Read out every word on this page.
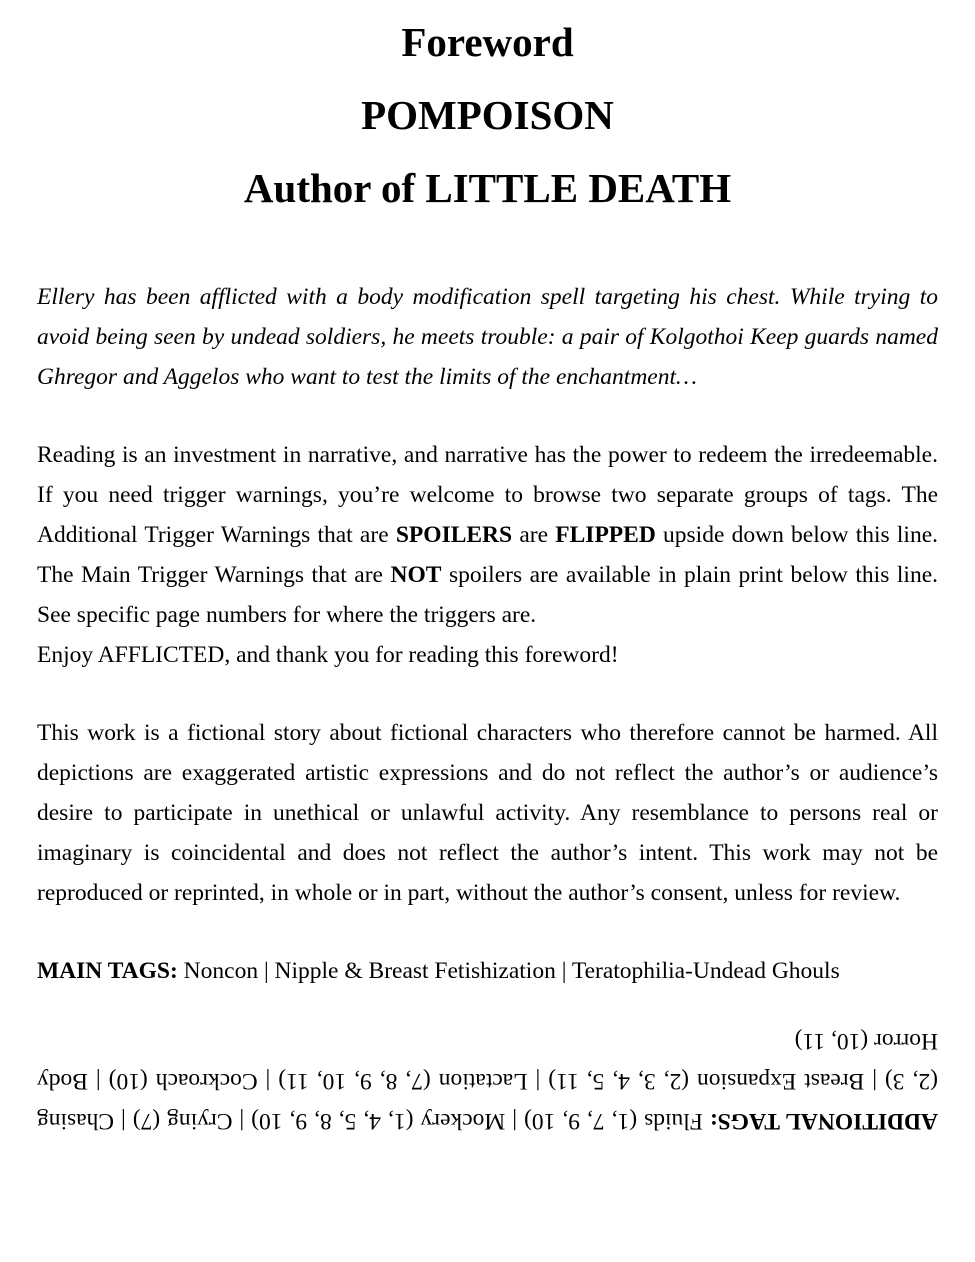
Foreword
POMPOISON
Author of LITTLE DEATH

Ellery has been afflicted with a body modification spell targeting his chest. While trying to avoid being seen by undead soldiers, he meets trouble: a pair of Kolgothoi Keep guards named Ghregor and Aggelos who want to test the limits of the enchantment…

Reading is an investment in narrative, and narrative has the power to redeem the irredeemable. If you need trigger warnings, you’re welcome to browse two separate groups of tags. The Additional Trigger Warnings that are SPOILERS are FLIPPED upside down below this line. The Main Trigger Warnings that are NOT spoilers are available in plain print below this line. See specific page numbers for where the triggers are.

Enjoy AFFLICTED, and thank you for reading this foreword!

This work is a fictional story about fictional characters who therefore cannot be harmed. All depictions are exaggerated artistic expressions and do not reflect the author’s or audience’s desire to participate in unethical or unlawful activity. Any resemblance to persons real or imaginary is coincidental and does not reflect the author’s intent. This work may not be reproduced or reprinted, in whole or in part, without the author’s consent, unless for review.

MAIN TAGS: Noncon | Nipple & Breast Fetishization | Teratophilia-Undead Ghouls

ADDITIONAL TAGS: Fluids (1, 7, 9, 10) | Mockery (1, 4, 5, 8, 9, 10) | Crying (7) | Chasing (2, 3) | Breast Expansion (2, 3, 4, 5, 11) | Lactation (7, 8, 9, 10, 11) | Cockroach (10) | Body Horror (10, 11)
